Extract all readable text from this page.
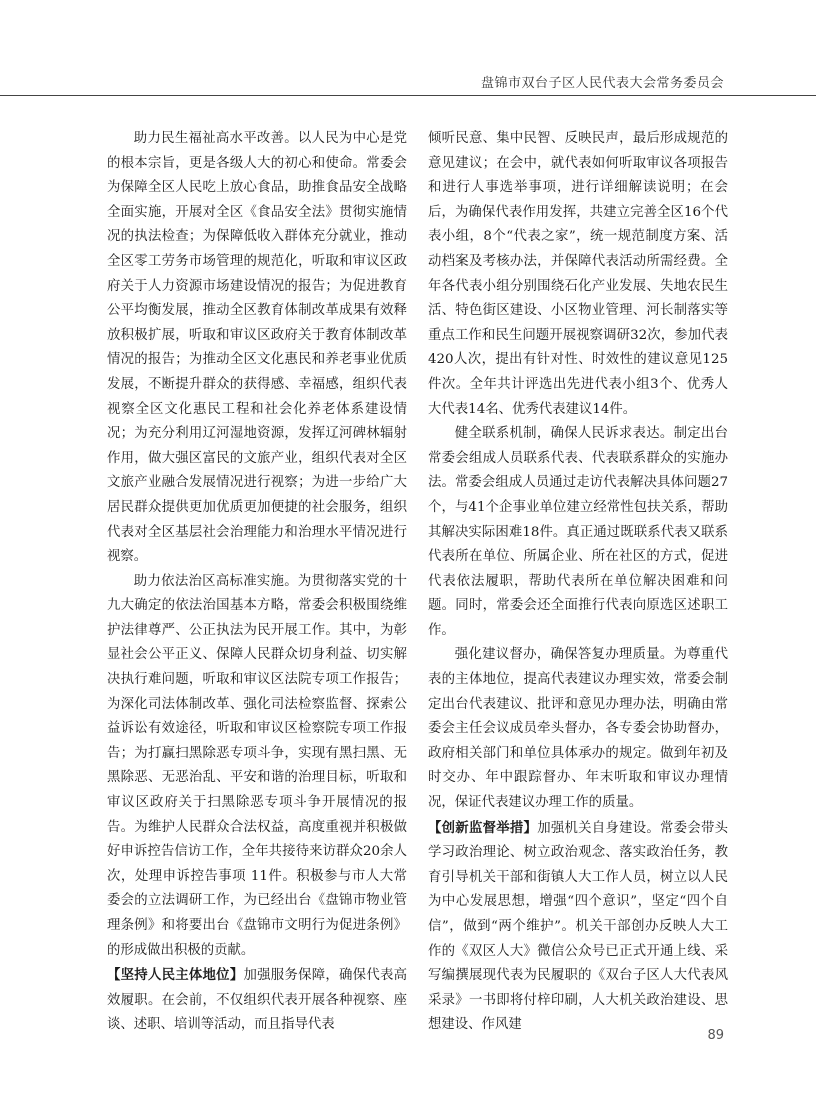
盘锦市双台子区人民代表大会常务委员会

助力民生福祉高水平改善。以人民为中心是党的根本宗旨，更是各级人大的初心和使命。常委会为保障全区人民吃上放心食品，助推食品安全战略全面实施，开展对全区《食品安全法》贯彻实施情况的执法检查；为保障低收入群体充分就业，推动全区零工劳务市场管理的规范化，听取和审议区政府关于人力资源市场建设情况的报告；为促进教育公平均衡发展，推动全区教育体制改革成果有效释放积极扩展，听取和审议区政府关于教育体制改革情况的报告；为推动全区文化惠民和养老事业优质发展，不断提升群众的获得感、幸福感，组织代表视察全区文化惠民工程和社会化养老体系建设情况；为充分利用辽河湿地资源，发挥辽河碑林辐射作用，做大强区富民的文旅产业，组织代表对全区文旅产业融合发展情况进行视察；为进一步给广大居民群众提供更加优质更加便捷的社会服务，组织代表对全区基层社会治理能力和治理水平情况进行视察。

助力依法治区高标准实施。为贯彻落实党的十九大确定的依法治国基本方略，常委会积极围绕维护法律尊严、公正执法为民开展工作。其中，为彰显社会公平正义、保障人民群众切身利益、切实解决执行难问题，听取和审议区法院专项工作报告；为深化司法体制改革、强化司法检察监督、探索公益诉讼有效途径，听取和审议区检察院专项工作报告；为打赢扫黑除恶专项斗争，实现有黑扫黑、无黑除恶、无恶治乱、平安和谐的治理目标，听取和审议区政府关于扫黑除恶专项斗争开展情况的报告。为维护人民群众合法权益，高度重视并积极做好申诉控告信访工作，全年共接待来访群众20余人次，处理申诉控告事项 11件。积极参与市人大常委会的立法调研工作，为已经出台《盘锦市物业管理条例》和将要出台《盘锦市文明行为促进条例》的形成做出积极的贡献。

【坚持人民主体地位】加强服务保障，确保代表高效履职。在会前，不仅组织代表开展各种视察、座谈、述职、培训等活动，而且指导代表

倾听民意、集中民智、反映民声，最后形成规范的意见建议；在会中，就代表如何听取审议各项报告和进行人事选举事项，进行详细解读说明；在会后，为确保代表作用发挥，共建立完善全区16个代表小组，8个“代表之家”，统一规范制度方案、活动档案及考核办法，并保障代表活动所需经费。全年各代表小组分别围绕石化产业发展、失地农民生活、特色街区建设、小区物业管理、河长制落实等重点工作和民生问题开展视察调研32次，参加代表420人次，提出有针对性、时效性的建议意见125件次。全年共计评选出先进代表小组3个、优秀人大代表14名、优秀代表建议14件。

健全联系机制，确保人民诉求表达。制定出台常委会组成人员联系代表、代表联系群众的实施办法。常委会组成人员通过走访代表解决具体问题27个，与41个企事业单位建立经常性包扶关系，帮助其解决实际困难18件。真正通过既联系代表又联系代表所在单位、所属企业、所在社区的方式，促进代表依法履职，帮助代表所在单位解决困难和问题。同时，常委会还全面推行代表向原选区述职工作。

强化建议督办，确保答复办理质量。为尊重代表的主体地位，提高代表建议办理实效，常委会制定出台代表建议、批评和意见办理办法，明确由常委会主任会议成员牵头督办，各专委会协助督办，政府相关部门和单位具体承办的规定。做到年初及时交办、年中跟踪督办、年末听取和审议办理情况，保证代表建议办理工作的质量。

【创新监督举措】加强机关自身建设。常委会带头学习政治理论、树立政治观念、落实政治任务，教育引导机关干部和街镇人大工作人员，树立以人民为中心发展思想，增强“四个意识”，坚定“四个自信”，做到“两个维护”。机关干部创办反映人大工作的《双区人大》微信公众号已正式开通上线、采写编撰展现代表为民履职的《双台子区人大代表风采录》一书即将付梓印刷，人大机关政治建设、思想建设、作风建

89
